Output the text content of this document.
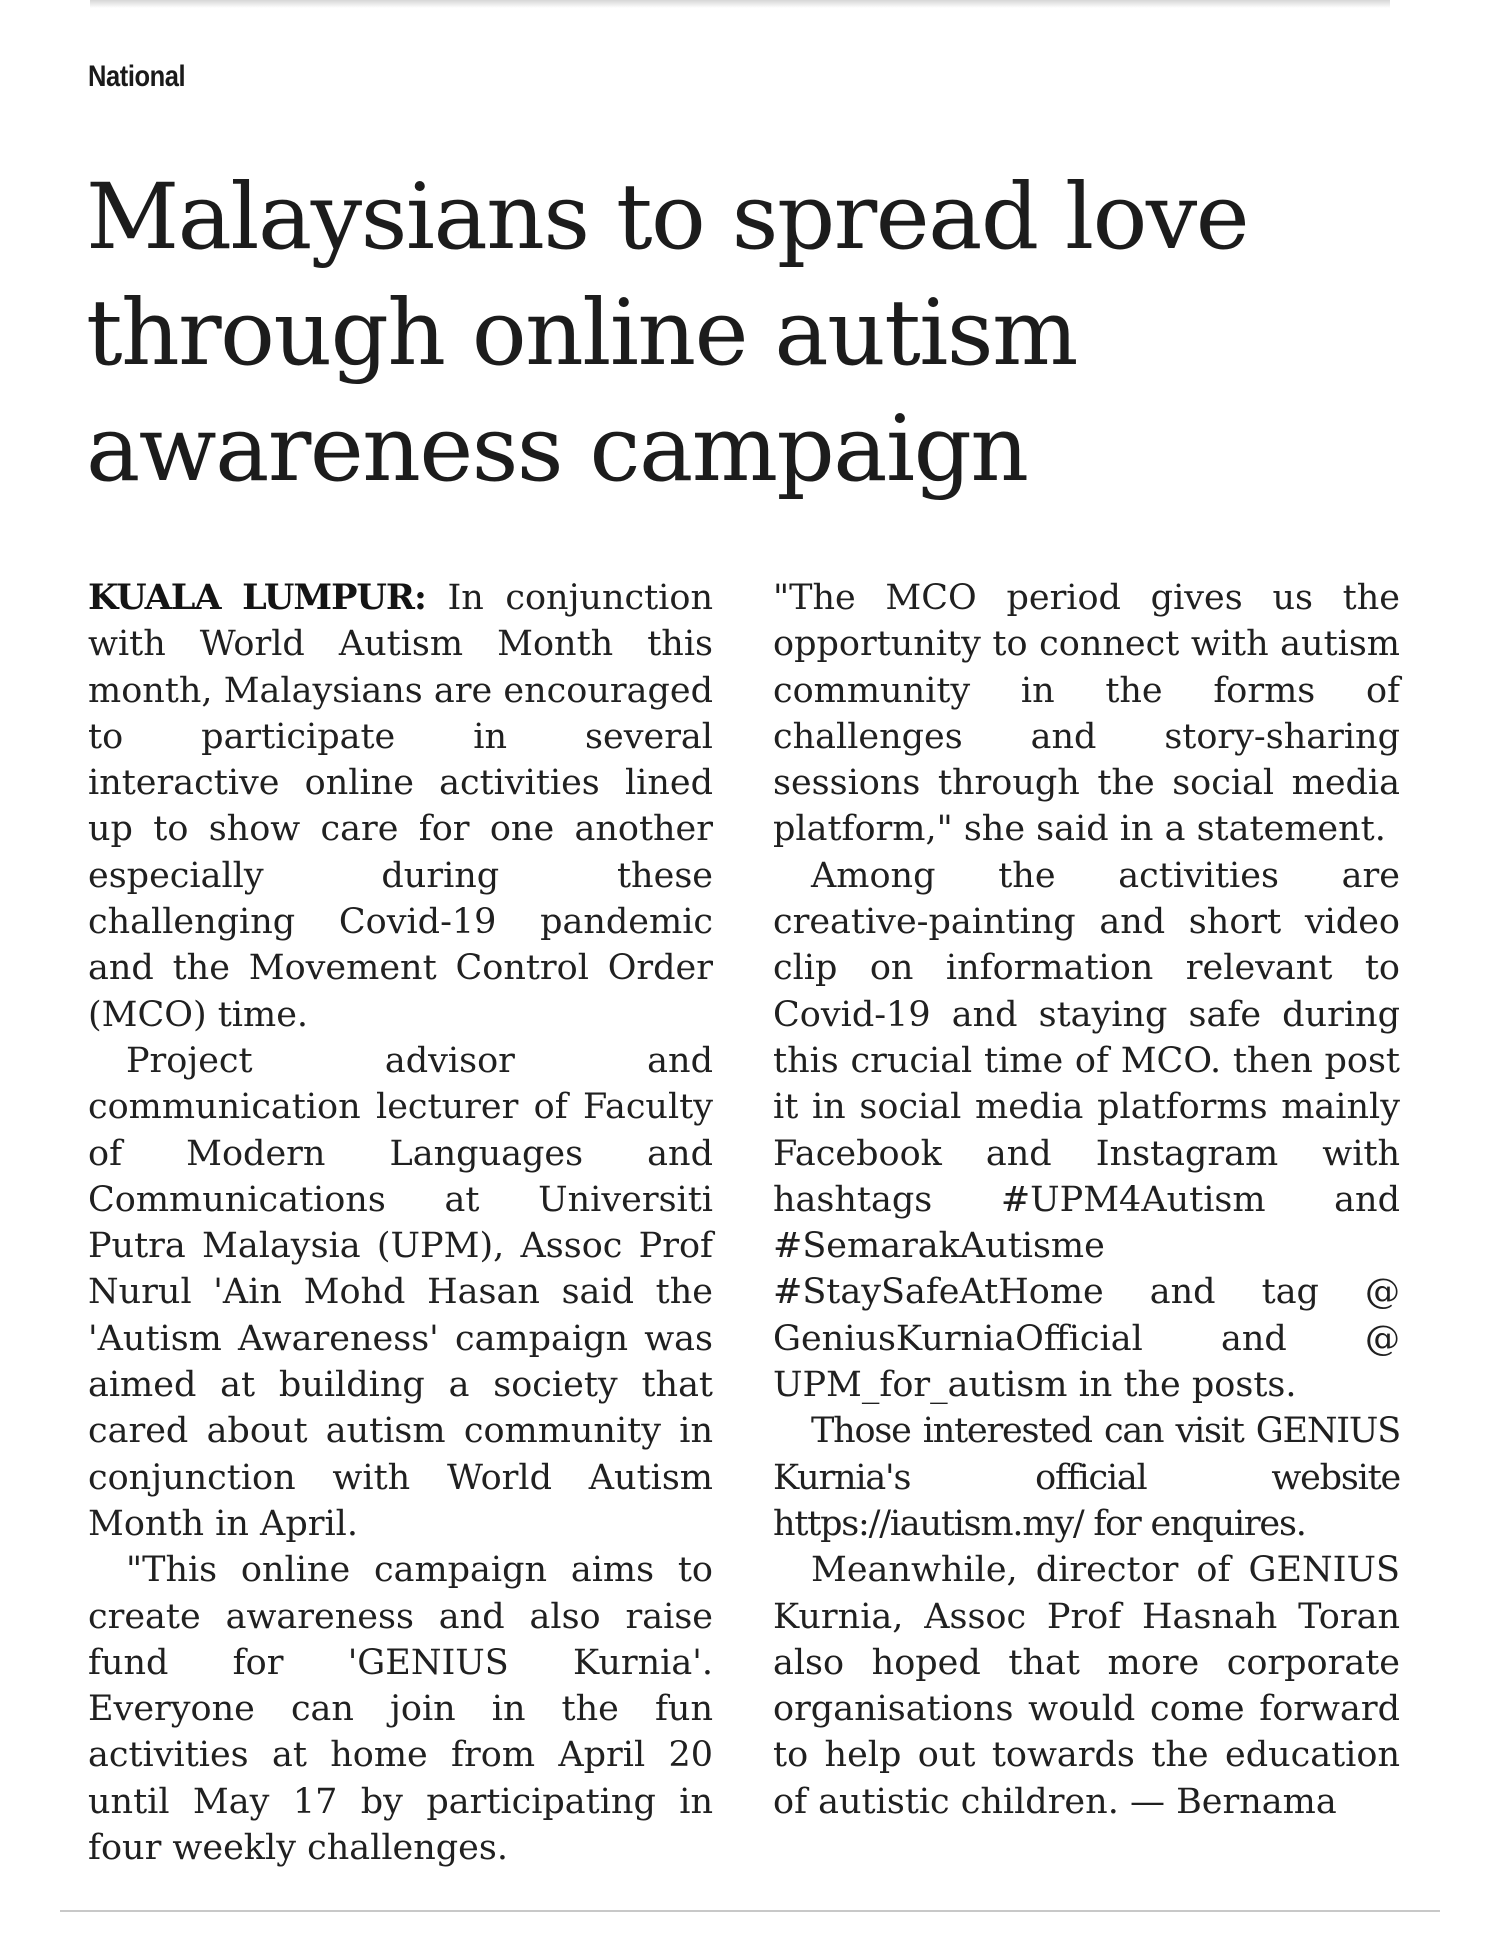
National
Malaysians to spread love
through online autism
awareness campaign

KUALA LUMPUR: In conjunction with World Autism Month this month, Malaysians are encouraged to participate in several interactive online activities lined up to show care for one another especially during these challenging Covid-19 pandemic and the Movement Control Order (MCO) time.

Project advisor and communication lecturer of Faculty of Modern Languages and Communications at Universiti Putra Malaysia (UPM), Assoc Prof Nurul 'Ain Mohd Hasan said the 'Autism Awareness' campaign was aimed at building a society that cared about autism community in conjunction with World Autism Month in April.

"This online campaign aims to create awareness and also raise fund for 'GENIUS Kurnia'. Everyone can join in the fun activities at home from April 20 until May 17 by participating in four weekly challenges.

"The MCO period gives us the opportunity to connect with autism community in the forms of challenges and story-sharing sessions through the social media platform," she said in a statement.

Among the activities are creative-painting and short video clip on information relevant to Covid-19 and staying safe during this crucial time of MCO. then post it in social media platforms mainly Facebook and Instagram with hashtags #UPM4Autism and #SemarakAutisme #StaySafeAtHome and tag @ GeniusKurniaOfficial and @ UPM_for_autism in the posts.

Those interested can visit GENIUS Kurnia's official website https://iautism.my/ for enquires.

Meanwhile, director of GENIUS Kurnia, Assoc Prof Hasnah Toran also hoped that more corporate organisations would come forward to help out towards the education of autistic children. — Bernama
